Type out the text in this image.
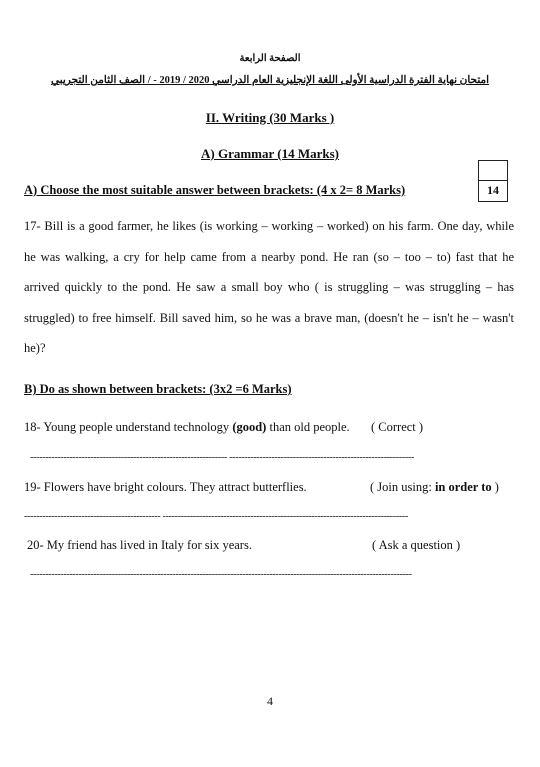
الصفحة الرابعة
امتحان نهاية الفترة الدراسية الأولى اللغة الإنجليزية العام الدراسي 2020 / 2019 - / الصف الثامن التجريبي
II. Writing (30 Marks )
A) Grammar (14 Marks)
A) Choose the most suitable answer between brackets: (4 x 2= 8 Marks)	14
17- Bill is a good farmer, he likes (is working – working – worked) on his farm. One day, while he was walking, a cry for help came from a nearby pond. He ran (so – too – to) fast that he arrived quickly to the pond. He saw a small boy who ( is struggling – was struggling – has struggled) to free himself. Bill saved him, so he was a brave man, (doesn't he – isn't he – wasn't he)?
B) Do as shown between brackets: (3x2 =6 Marks)
18- Young people understand technology (good) than old people. ( Correct )
----------------------------------------------------------------- -------------------------------------------------------------
19- Flowers have bright colours. They attract butterflies.	( Join using: in order to )
--------------------------------------------- ---------------------------------------------------------------------------------
20- My friend has lived in Italy for six years.	( Ask a question )
------------------------------------------------------------------------------------------------------------------------------
4
